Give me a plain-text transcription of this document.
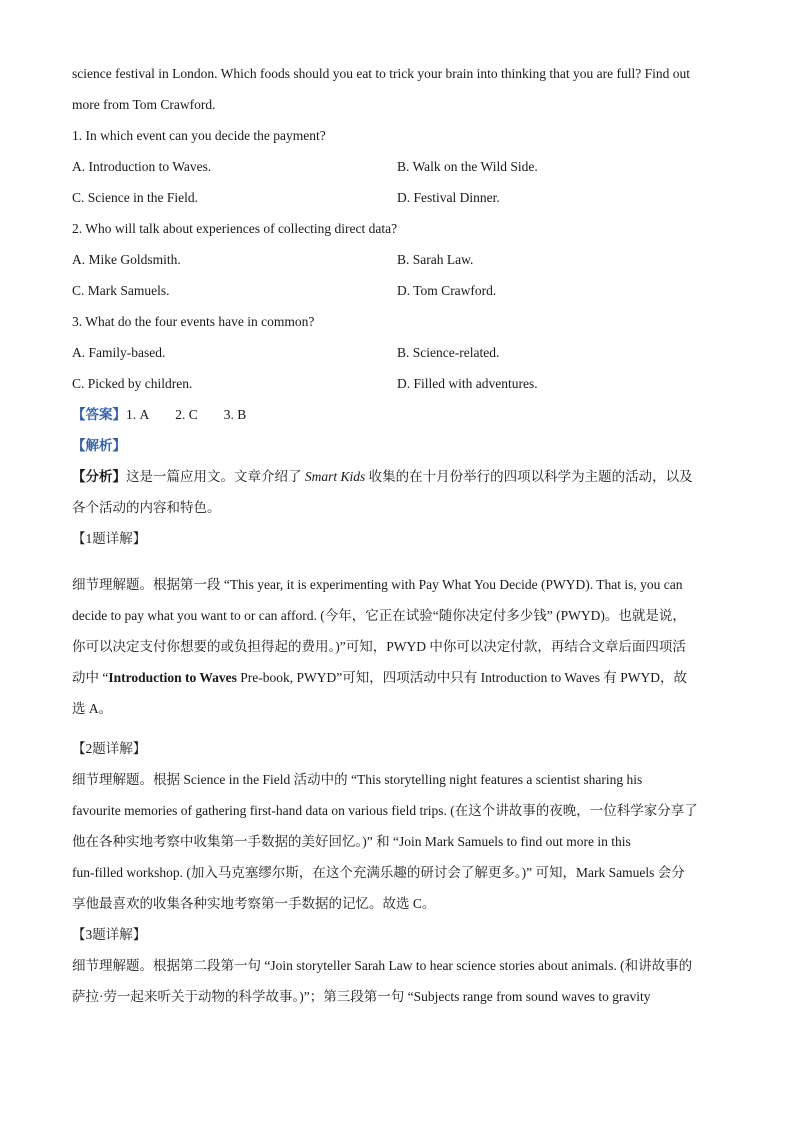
science festival in London. Which foods should you eat to trick your brain into thinking that you are full? Find out
more from Tom Crawford.
1. In which event can you decide the payment?
A. Introduction to Waves.	B. Walk on the Wild Side.
C. Science in the Field.	D. Festival Dinner.
2. Who will talk about experiences of collecting direct data?
A. Mike Goldsmith.	B. Sarah Law.
C. Mark Samuels.	D. Tom Crawford.
3. What do the four events have in common?
A. Family-based.	B. Science-related.
C. Picked by children.	D. Filled with adventures.
【答案】1. A 2. C 3. B
【解析】
【分析】这是一篇应用文。文章介绍了 Smart Kids 收集的在十月份举行的四项以科学为主题的活动，以及
各个活动的内容和特色。
【1题详解】
细节理解题。根据第一段 “This year, it is experimenting with Pay What You Decide (PWYD). That is, you can
decide to pay what you want to or can afford. (今年，它正在试验“随你决定付多少钱” (PWYD)。也就是说，
你可以决定支付你想要的或负担得起的费用。)”可知，PWYD 中你可以决定付款，再结合文章后面四项活
动中 “Introduction to Waves Pre-book, PWYD”可知，四项活动中只有 Introduction to Waves 有 PWYD，故
选 A。
【2题详解】
细节理解题。根据 Science in the Field 活动中的 “This storytelling night features a scientist sharing his
favourite memories of gathering first-hand data on various field trips. (在这个讲故事的夜晚，一位科学家分享了
他在各种实地考察中收集第一手数据的美好回忆。)” 和 “Join Mark Samuels to find out more in this
fun-filled workshop. (加入马克塞缪尔斯，在这个充满乐趣的研讨会了解更多。)” 可知，Mark Samuels 会分
享他最喜欢的收集各种实地考察第一手数据的记忆。故选 C。
【3题详解】
细节理解题。根据第二段第一句 “Join storyteller Sarah Law to hear science stories about animals. (和讲故事的
萨拉·劳一起来听关于动物的科学故事。)”；第三段第一句 “Subjects range from sound waves to gravity
